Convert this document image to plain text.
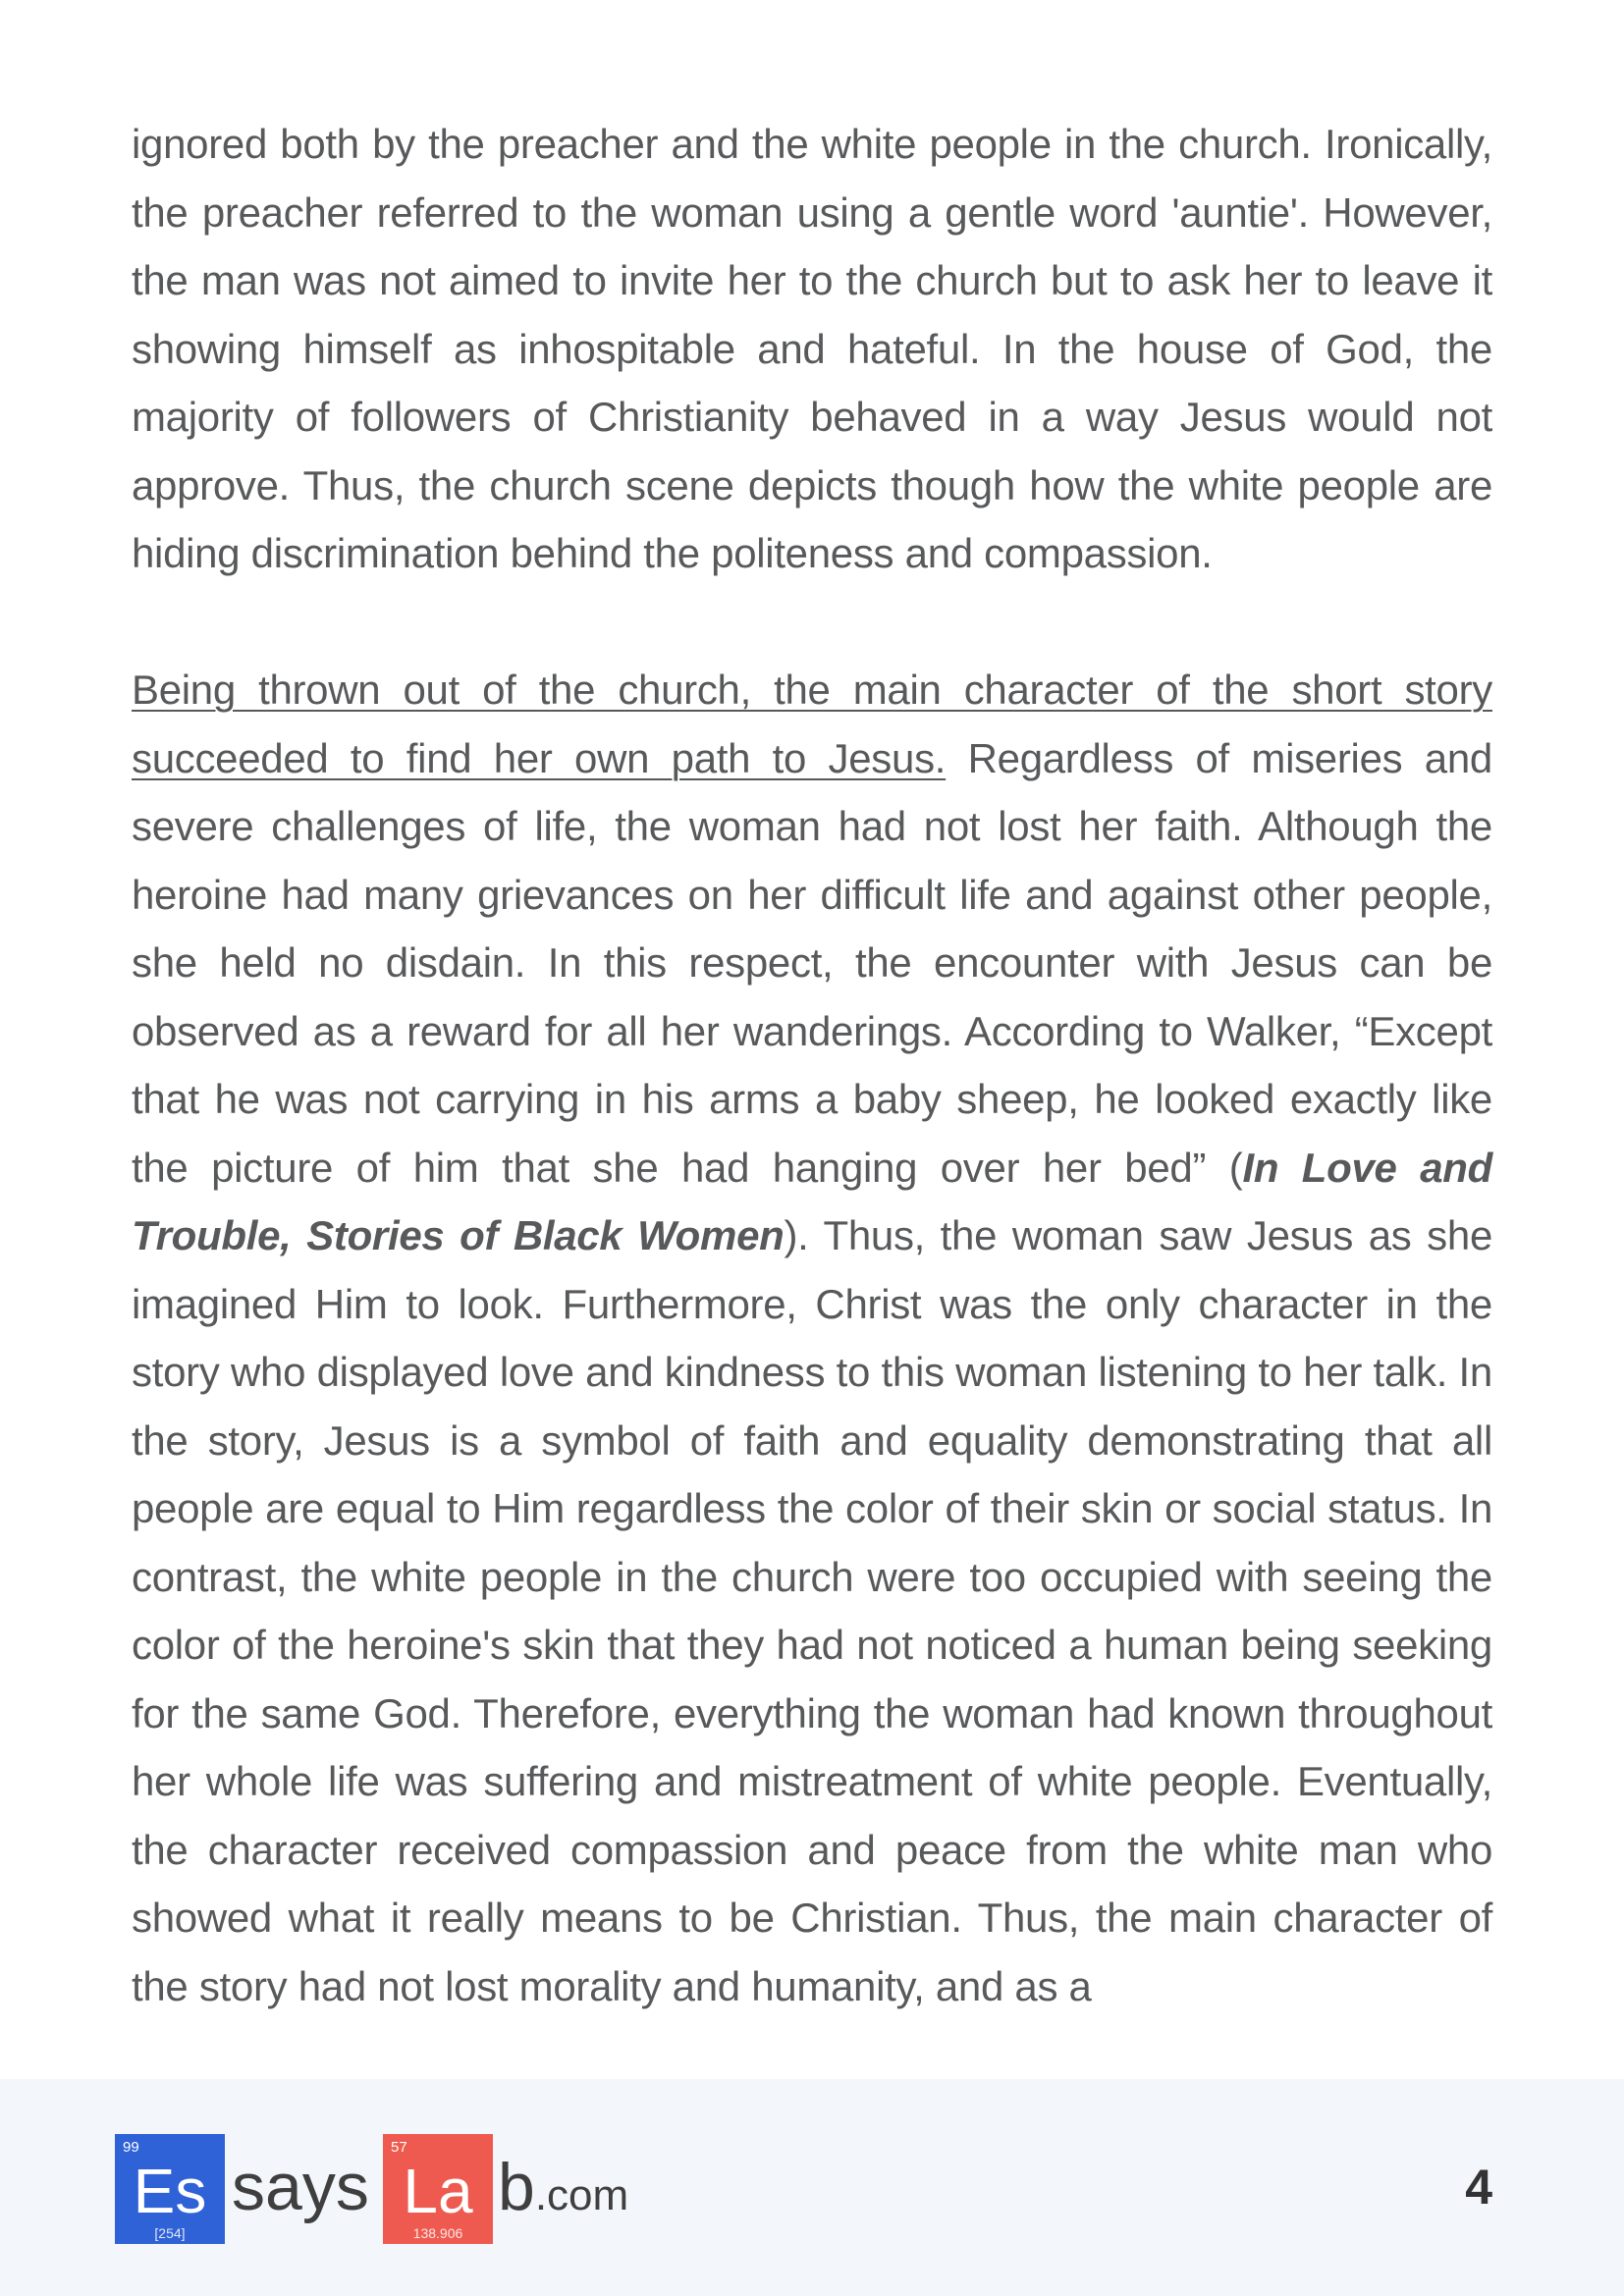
ignored both by the preacher and the white people in the church. Ironically, the preacher referred to the woman using a gentle word 'auntie'. However, the man was not aimed to invite her to the church but to ask her to leave it showing himself as inhospitable and hateful. In the house of God, the majority of followers of Christianity behaved in a way Jesus would not approve. Thus, the church scene depicts though how the white people are hiding discrimination behind the politeness and compassion.

Being thrown out of the church, the main character of the short story succeeded to find her own path to Jesus. Regardless of miseries and severe challenges of life, the woman had not lost her faith. Although the heroine had many grievances on her difficult life and against other people, she held no disdain. In this respect, the encounter with Jesus can be observed as a reward for all her wanderings. According to Walker, “Except that he was not carrying in his arms a baby sheep, he looked exactly like the picture of him that she had hanging over her bed” (In Love and Trouble, Stories of Black Women). Thus, the woman saw Jesus as she imagined Him to look. Furthermore, Christ was the only character in the story who displayed love and kindness to this woman listening to her talk. In the story, Jesus is a symbol of faith and equality demonstrating that all people are equal to Him regardless the color of their skin or social status. In contrast, the white people in the church were too occupied with seeing the color of the heroine's skin that they had not noticed a human being seeking for the same God. Therefore, everything the woman had known throughout her whole life was suffering and mistreatment of white people. Eventually, the character received compassion and peace from the white man who showed what it really means to be Christian. Thus, the main character of the story had not lost morality and humanity, and as a

99
Es
[254]
says
57
La
138.906
b.com	4
